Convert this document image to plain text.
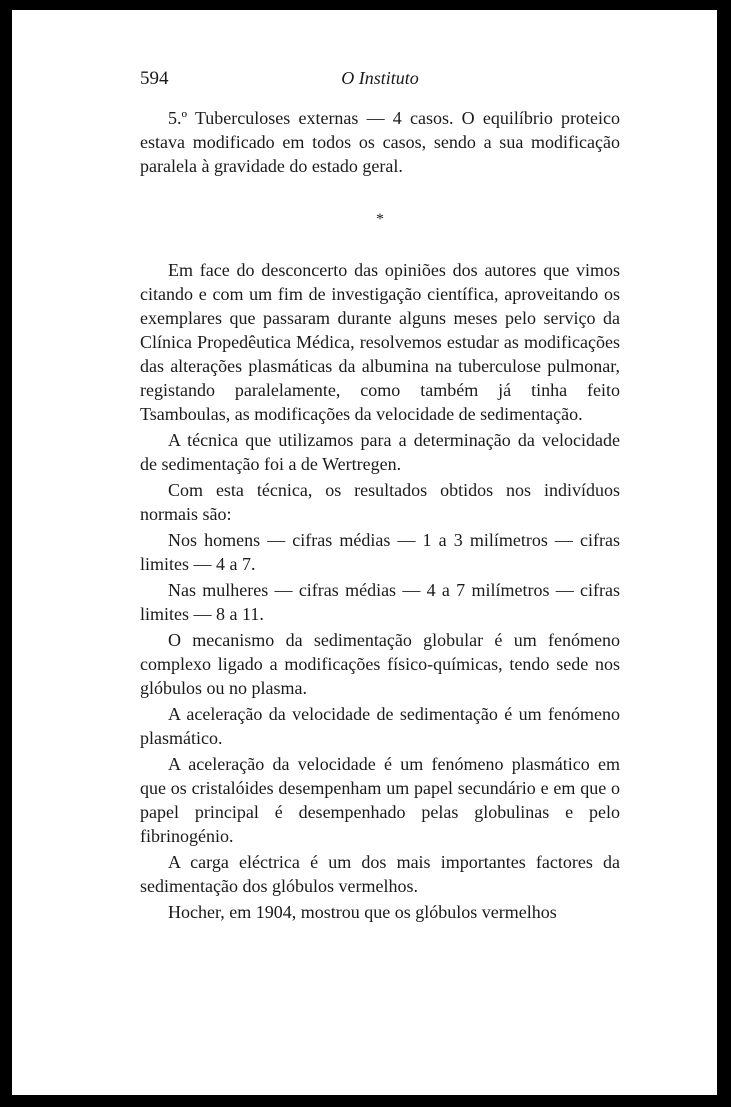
594	O Instituto

5.º Tuberculoses externas — 4 casos. O equilíbrio proteico estava modificado em todos os casos, sendo a sua modificação paralela à gravidade do estado geral.

*

Em face do desconcerto das opiniões dos autores que vimos citando e com um fim de investigação científica, aproveitando os exemplares que passaram durante alguns meses pelo serviço da Clínica Propedêutica Médica, resolvemos estudar as modificações das alterações plasmáticas da albumina na tuberculose pulmonar, registando paralelamente, como também já tinha feito Tsamboulas, as modificações da velocidade de sedimentação.

A técnica que utilizamos para a determinação da velocidade de sedimentação foi a de Wertregen.

Com esta técnica, os resultados obtidos nos indivíduos normais são:

Nos homens — cifras médias — 1 a 3 milímetros — cifras limites — 4 a 7.

Nas mulheres — cifras médias — 4 a 7 milímetros — cifras limites — 8 a 11.

O mecanismo da sedimentação globular é um fenómeno complexo ligado a modificações físico-químicas, tendo sede nos glóbulos ou no plasma.

A aceleração da velocidade de sedimentação é um fenómeno plasmático.

A aceleração da velocidade é um fenómeno plasmático em que os cristalóides desempenham um papel secundário e em que o papel principal é desempenhado pelas globulinas e pelo fibrinogénio.

A carga eléctrica é um dos mais importantes factores da sedimentação dos glóbulos vermelhos.

Hocher, em 1904, mostrou que os glóbulos vermelhos
